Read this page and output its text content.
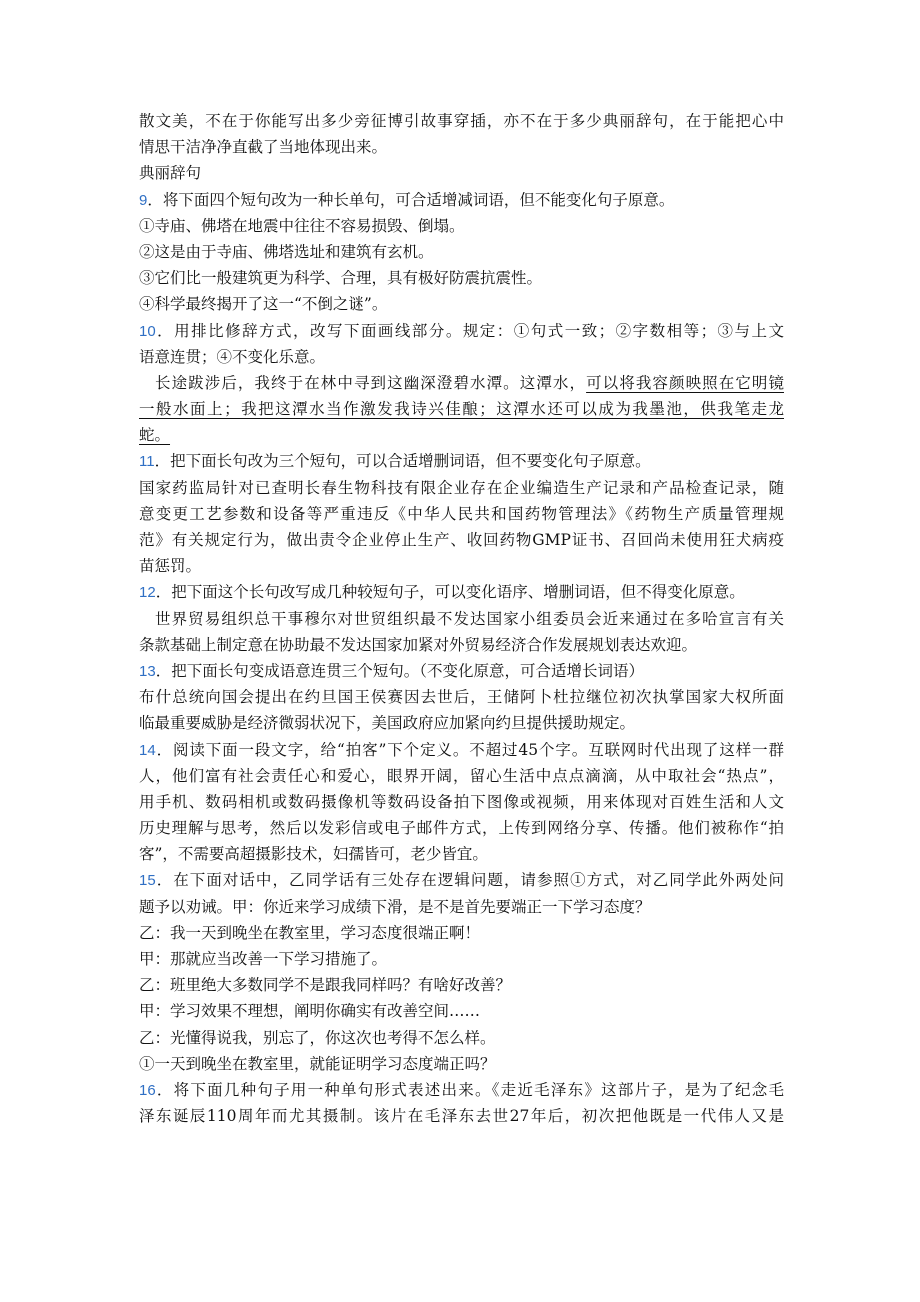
散文美，不在于你能写出多少旁征博引故事穿插，亦不在于多少典丽辞句，在于能把心中
情思干洁净净直截了当地体现出来。
典丽辞句
9．将下面四个短句改为一种长单句，可合适增减词语，但不能变化句子原意。
①寺庙、佛塔在地震中往往不容易损毁、倒塌。
②这是由于寺庙、佛塔选址和建筑有玄机。
③它们比一般建筑更为科学、合理，具有极好防震抗震性。
④科学最终揭开了这一“不倒之谜”。
10．用排比修辞方式，改写下面画线部分。规定：①句式一致；②字数相等；③与上文
语意连贯；④不变化乐意。
长途跋涉后，我终于在林中寻到这幽深澄碧水潭。这潭水，可以将我容颜映照在它明镜
一般水面上；我把这潭水当作激发我诗兴佳酿；这潭水还可以成为我墨池，供我笔走龙
蛇。
11．把下面长句改为三个短句，可以合适增删词语，但不要变化句子原意。
国家药监局针对已查明长春生物科技有限企业存在企业编造生产记录和产品检查记录，随
意变更工艺参数和设备等严重违反《中华人民共和国药物管理法》《药物生产质量管理规
范》有关规定行为，做出责令企业停止生产、收回药物GMP证书、召回尚未使用狂犬病疫
苗惩罚。
12．把下面这个长句改写成几种较短句子，可以变化语序、增删词语，但不得变化原意。
世界贸易组织总干事穆尔对世贸组织最不发达国家小组委员会近来通过在多哈宣言有关
条款基础上制定意在协助最不发达国家加紧对外贸易经济合作发展规划表达欢迎。
13．把下面长句变成语意连贯三个短句。（不变化原意，可合适增长词语）
布什总统向国会提出在约旦国王侯赛因去世后，王储阿卜杜拉继位初次执掌国家大权所面
临最重要威胁是经济微弱状况下，美国政府应加紧向约旦提供援助规定。
14．阅读下面一段文字，给“拍客”下个定义。不超过45个字。互联网时代出现了这样一群
人，他们富有社会责任心和爱心，眼界开阔，留心生活中点点滴滴，从中取社会“热点”，
用手机、数码相机或数码摄像机等数码设备拍下图像或视频，用来体现对百姓生活和人文
历史理解与思考，然后以发彩信或电子邮件方式，上传到网络分享、传播。他们被称作“拍
客”，不需要高超摄影技术，妇孺皆可，老少皆宜。
15．在下面对话中，乙同学话有三处存在逻辑问题，请参照①方式，对乙同学此外两处问
题予以劝诫。甲：你近来学习成绩下滑，是不是首先要端正一下学习态度？
乙：我一天到晚坐在教室里，学习态度很端正啊！
甲：那就应当改善一下学习措施了。
乙：班里绝大多数同学不是跟我同样吗？有啥好改善？
甲：学习效果不理想，阐明你确实有改善空间……
乙：光懂得说我，别忘了，你这次也考得不怎么样。
①一天到晚坐在教室里，就能证明学习态度端正吗？
16．将下面几种句子用一种单句形式表述出来。《走近毛泽东》这部片子，是为了纪念毛
泽东诞辰110周年而尤其摄制。该片在毛泽东去世27年后，初次把他既是一代伟人又是
